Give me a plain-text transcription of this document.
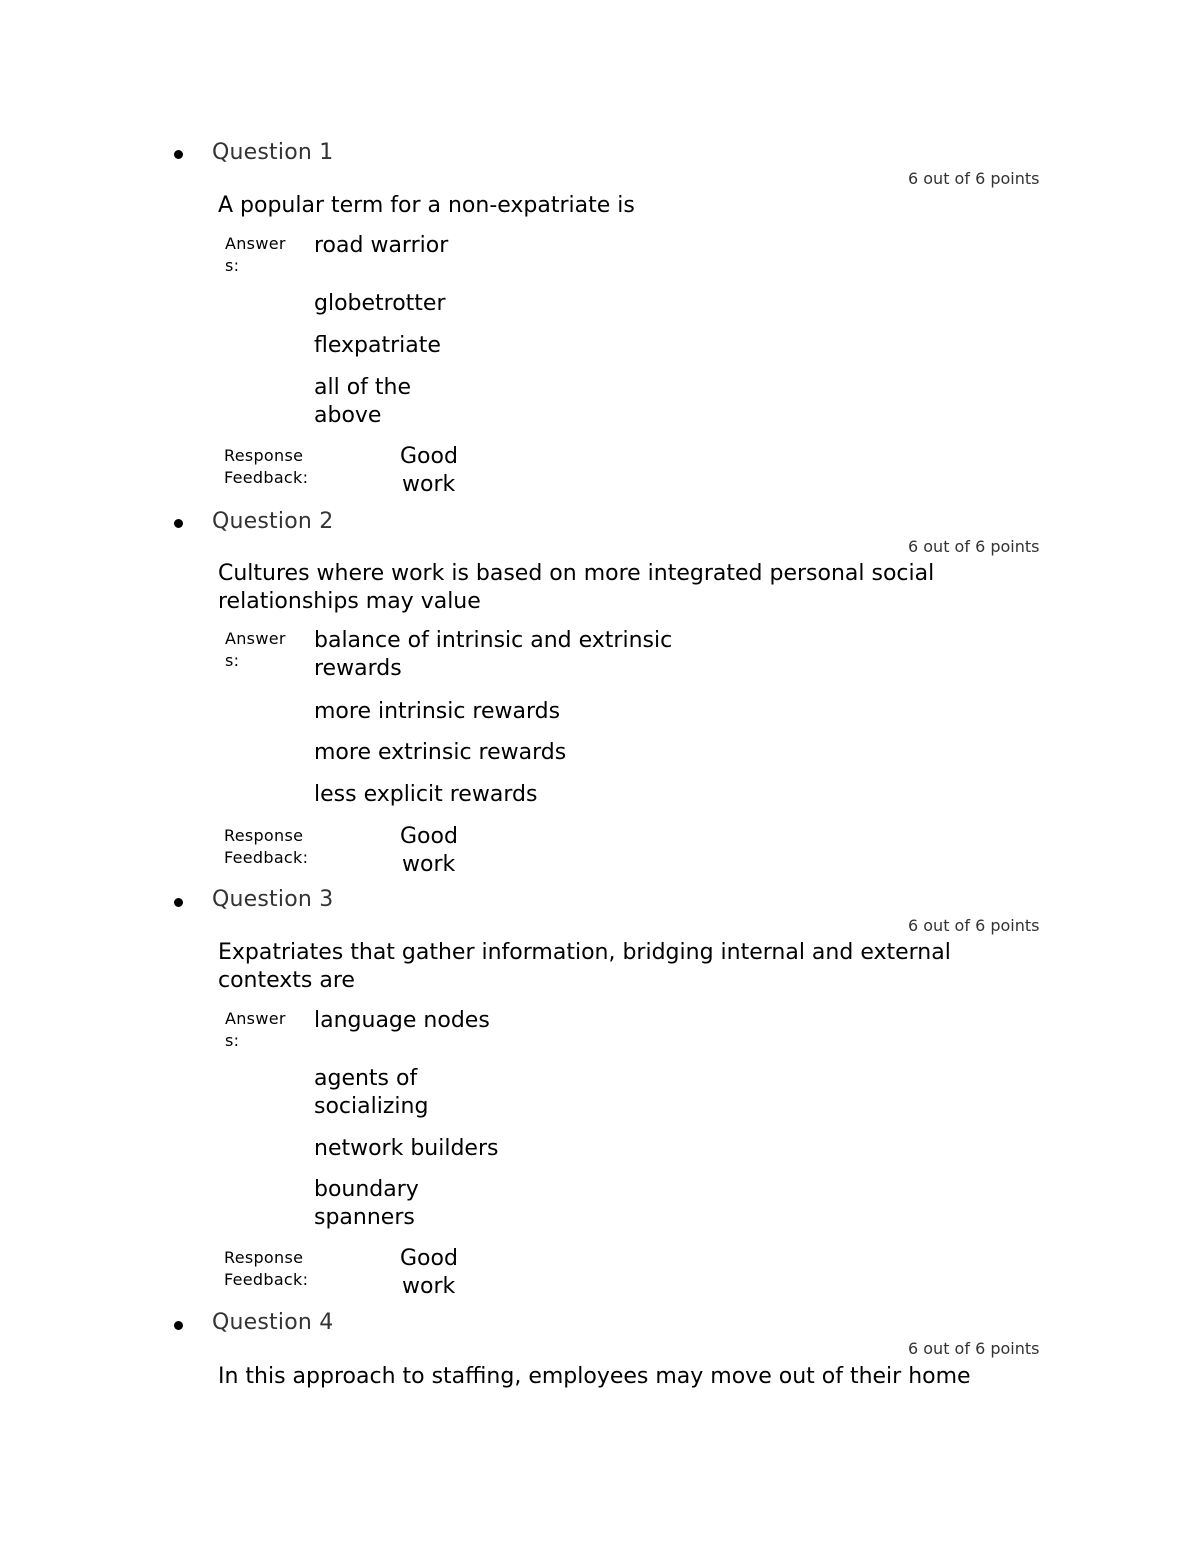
Question 1
6 out of 6 points
A popular term for a non-expatriate is
Answer
s:
road warrior
globetrotter
flexpatriate
all of the
above
Response
Feedback:
Good
work
Question 2
6 out of 6 points
Cultures where work is based on more integrated personal social
relationships may value
Answer
s:
balance of intrinsic and extrinsic
rewards
more intrinsic rewards
more extrinsic rewards
less explicit rewards
Response
Feedback:
Good
work
Question 3
6 out of 6 points
Expatriates that gather information, bridging internal and external
contexts are
Answer
s:
language nodes
agents of
socializing
network builders
boundary
spanners
Response
Feedback:
Good
work
Question 4
6 out of 6 points
In this approach to staffing, employees may move out of their home
